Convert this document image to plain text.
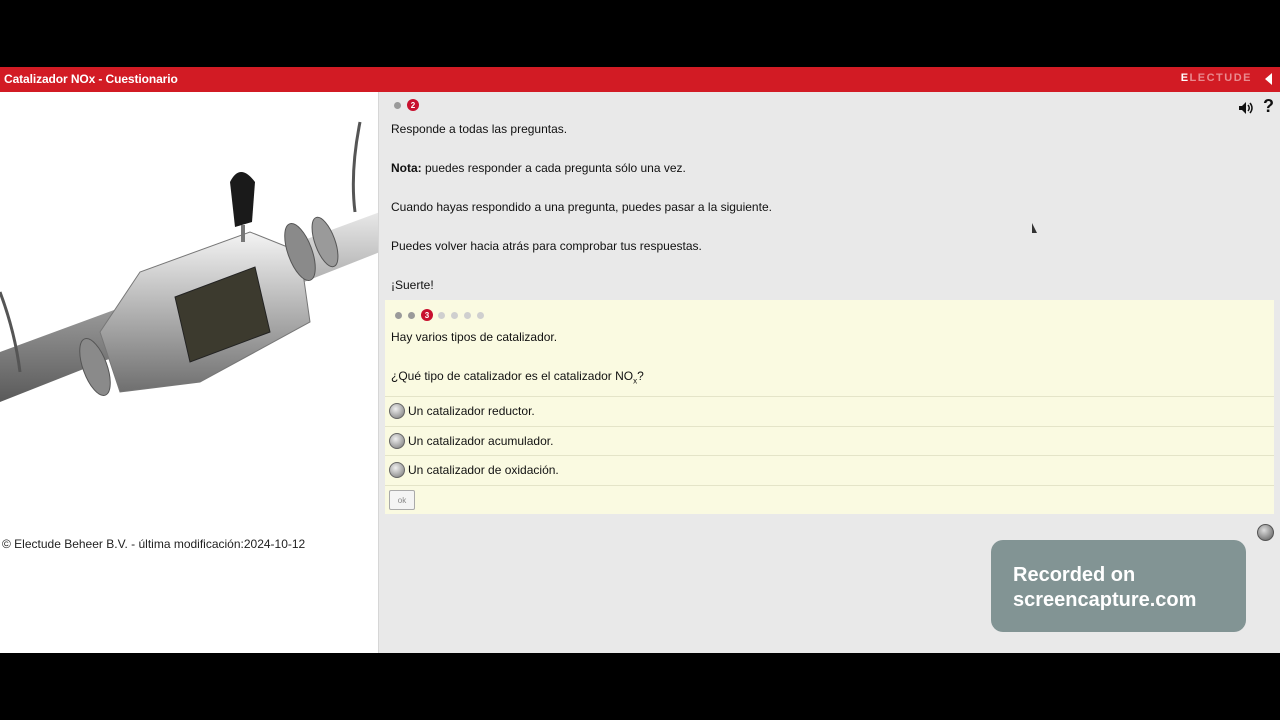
Catalizador NOx - Cuestionario	ELECTUDE
© Electude Beheer B.V. - última modificación:2024-10-12
?
2

Responde a todas las preguntas.

Nota: puedes responder a cada pregunta sólo una vez.

Cuando hayas respondido a una pregunta, puedes pasar a la siguiente.

Puedes volver hacia atrás para comprobar tus respuestas.

¡Suerte!

3

Hay varios tipos de catalizador.

¿Qué tipo de catalizador es el catalizador $NO_x$?

Un catalizador reductor.
Un catalizador acumulador.
Un catalizador de oxidación.
ok
Recorded on
screencapture.com
